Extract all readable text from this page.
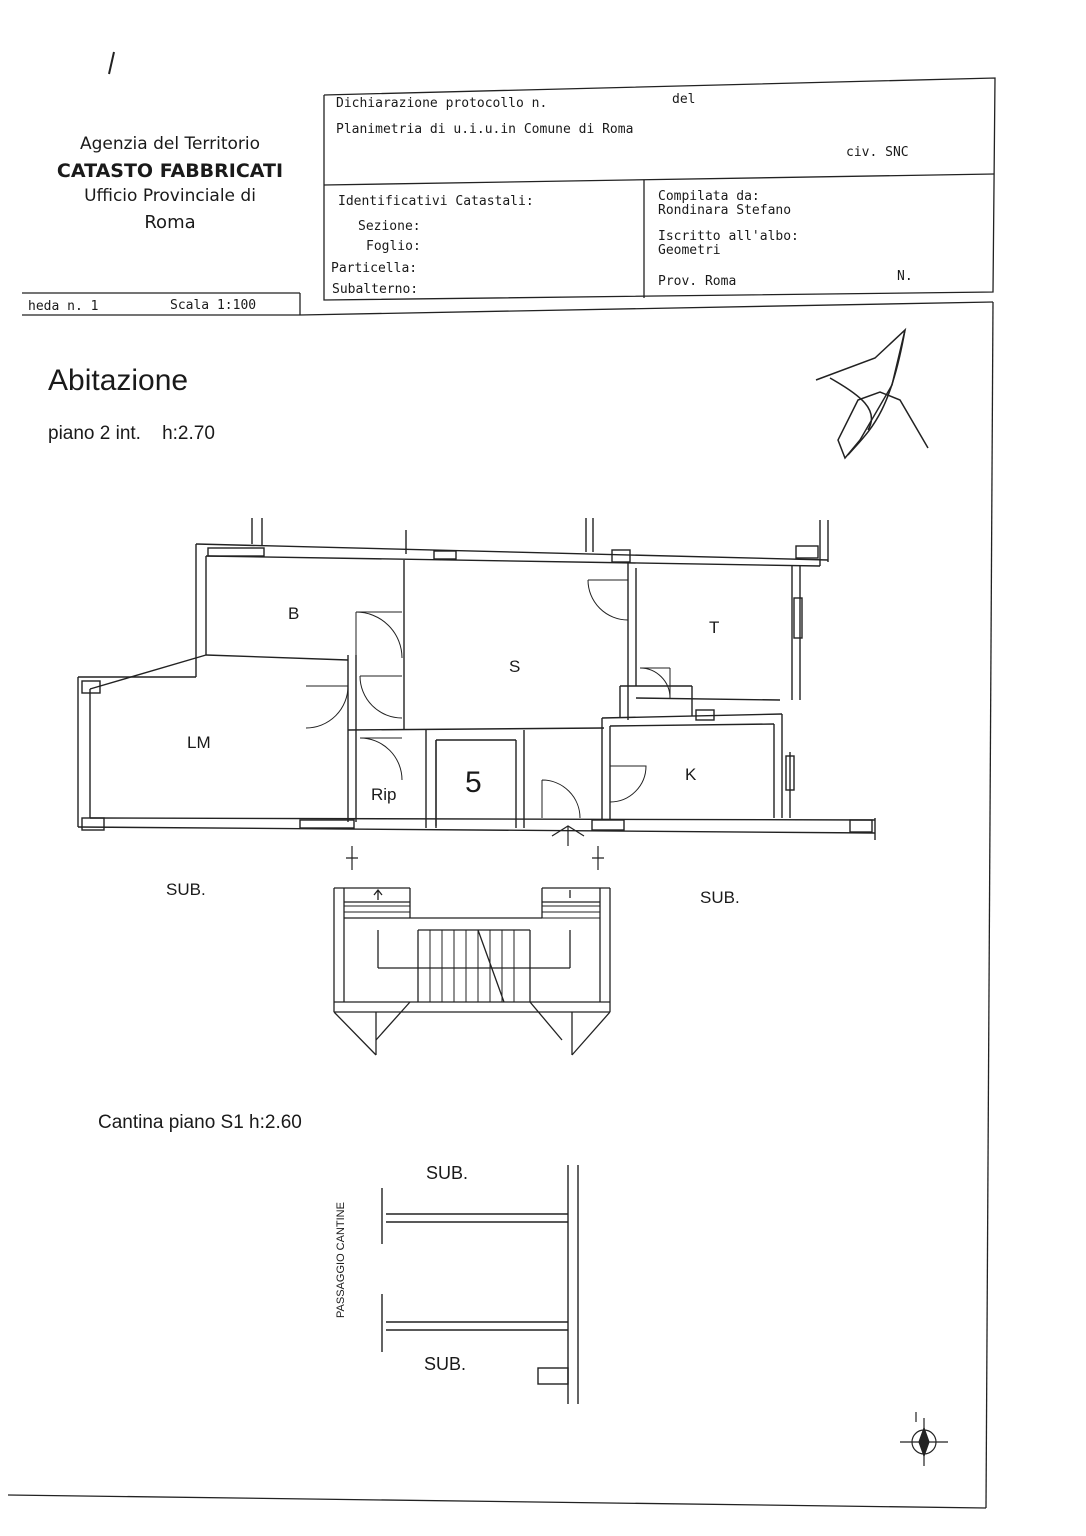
Agenzia del Territorio
CATASTO FABBRICATI
Ufficio Provinciale di
Roma
Dichiarazione protocollo n.	del
Planimetria di u.i.u.in Comune di Roma
civ. SNC
Identificativi Catastali:
Sezione:
Foglio:
Particella:
Subalterno:
Compilata da:
Rondinara Stefano
Iscritto all'albo:
Geometri
Prov. Roma	N.
heda n. 1	Scala 1:100
Abitazione
piano 2 int.    h:2.70
B
S
T
LM
K
Rip 5
SUB.	SUB.
Cantina piano S1 h:2.60
SUB.
SUB.
PASSAGGIO CANTINE
